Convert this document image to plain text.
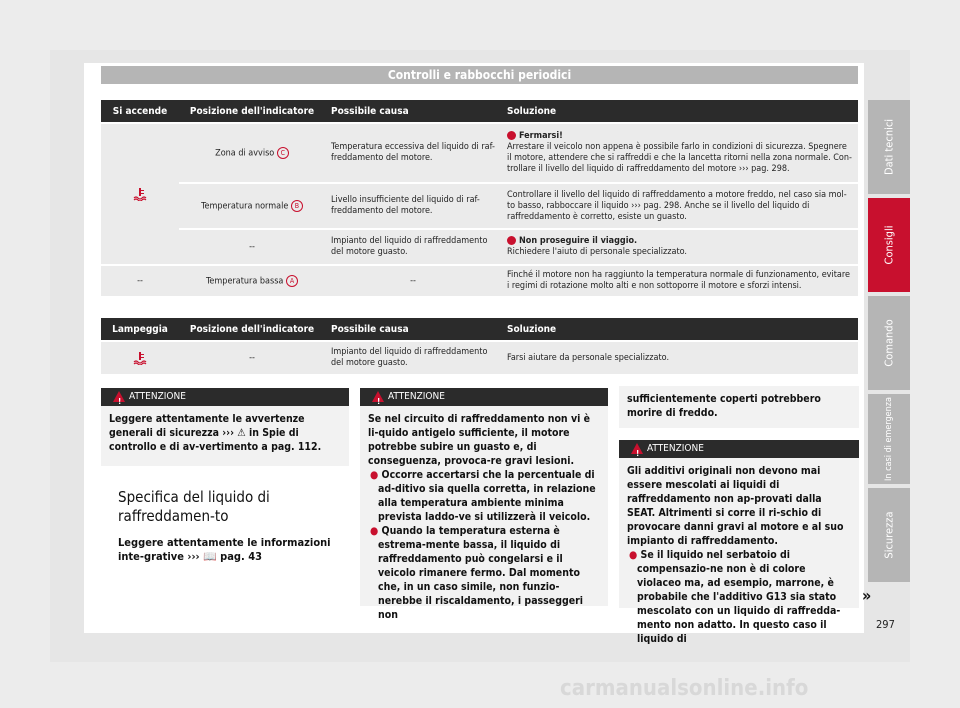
Controlli e rabbocchi periodici
Si accende	Posizione dell'indicatore	Possibile causa	Soluzione
	Zona di avviso C	Temperatura eccessiva del liquido di raf-freddamento del motore.	Fermarsi!
Arrestare il veicolo non appena è possibile farlo in condizioni di sicurezza. Spegnere il motore, attendere che si raffreddi e che la lancetta ritorni nella zona normale. Con-trollare il livello del liquido di raffreddamento del motore ››› pag. 298.
	Temperatura normale B	Livello insufficiente del liquido di raf-freddamento del motore.	Controllare il livello del liquido di raffreddamento a motore freddo, nel caso sia mol-to basso, rabboccare il liquido ››› pag. 298. Anche se il livello del liquido di raffreddamento è corretto, esiste un guasto.
	--	Impianto del liquido di raffreddamento del motore guasto.	Non proseguire il viaggio.
Richiedere l'aiuto di personale specializzato.
--	Temperatura bassa A	--	Finché il motore non ha raggiunto la temperatura normale di funzionamento, evitare i regimi di rotazione molto alti e non sottoporre il motore e sforzi intensi.
Lampeggia	Posizione dell'indicatore	Possibile causa	Soluzione
	--	Impianto del liquido di raffreddamento del motore guasto.	Farsi aiutare da personale specializzato.
! ATTENZIONE

Leggere attentamente le avvertenze generali di sicurezza ››› ⚠ in Spie di controllo e di av-vertimento a pag. 112.

Specifica del liquido di raffreddamen-to
Leggere attentamente le informazioni inte-grative ››› 📖 pag. 43
! ATTENZIONE

Se nel circuito di raffreddamento non vi è li-quido antigelo sufficiente, il motore potrebbe subire un guasto e, di conseguenza, provoca-re gravi lesioni.

● Occorre accertarsi che la percentuale di ad-ditivo sia quella corretta, in relazione alla temperatura ambiente minima prevista laddo-ve si utilizzerà il veicolo.

● Quando la temperatura esterna è estrema-mente bassa, il liquido di raffreddamento può congelarsi e il veicolo rimanere fermo. Dal momento che, in un caso simile, non funzio-nerebbe il riscaldamento, i passeggeri non

sufficientemente coperti potrebbero morire di freddo.
! ATTENZIONE

Gli additivi originali non devono mai essere mescolati ai liquidi di raffreddamento non ap-provati dalla SEAT. Altrimenti si corre il ri-schio di provocare danni gravi al motore e al suo impianto di raffreddamento.

● Se il liquido nel serbatoio di compensazio-ne non è di colore violaceo ma, ad esempio, marrone, è probabile che l'additivo G13 sia stato mescolato con un liquido di raffredda-mento non adatto. In questo caso il liquido di

»
Dati tecnici
Consigli
Comando
In casi di emergenza
Sicurezza
297
carmanualsonline.info
